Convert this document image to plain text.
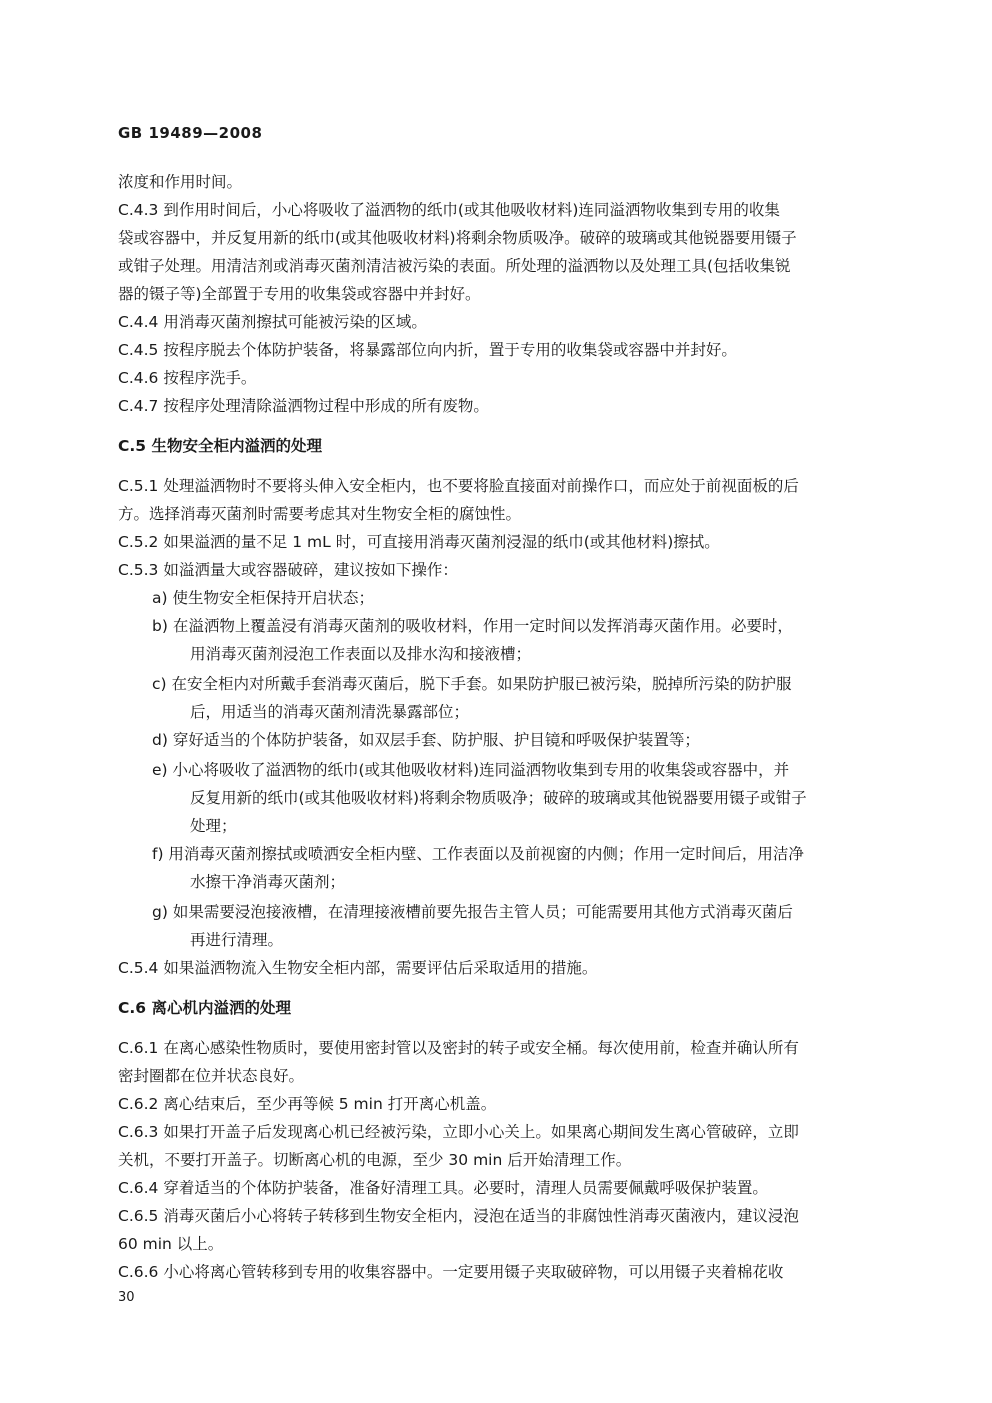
GB 19489—2008
浓度和作用时间。
C.4.3 到作用时间后，小心将吸收了溢洒物的纸巾(或其他吸收材料)连同溢洒物收集到专用的收集
袋或容器中，并反复用新的纸巾(或其他吸收材料)将剩余物质吸净。破碎的玻璃或其他锐器要用镊子
或钳子处理。用清洁剂或消毒灭菌剂清洁被污染的表面。所处理的溢洒物以及处理工具(包括收集锐
器的镊子等)全部置于专用的收集袋或容器中并封好。
C.4.4 用消毒灭菌剂擦拭可能被污染的区域。
C.4.5 按程序脱去个体防护装备，将暴露部位向内折，置于专用的收集袋或容器中并封好。
C.4.6 按程序洗手。
C.4.7 按程序处理清除溢洒物过程中形成的所有废物。
C.5 生物安全柜内溢洒的处理
C.5.1 处理溢洒物时不要将头伸入安全柜内，也不要将脸直接面对前操作口，而应处于前视面板的后
方。选择消毒灭菌剂时需要考虑其对生物安全柜的腐蚀性。
C.5.2 如果溢洒的量不足 1 mL 时，可直接用消毒灭菌剂浸湿的纸巾(或其他材料)擦拭。
C.5.3 如溢洒量大或容器破碎，建议按如下操作：
a) 使生物安全柜保持开启状态；
b) 在溢洒物上覆盖浸有消毒灭菌剂的吸收材料，作用一定时间以发挥消毒灭菌作用。必要时，
用消毒灭菌剂浸泡工作表面以及排水沟和接液槽；
c) 在安全柜内对所戴手套消毒灭菌后，脱下手套。如果防护服已被污染，脱掉所污染的防护服
后，用适当的消毒灭菌剂清洗暴露部位；
d) 穿好适当的个体防护装备，如双层手套、防护服、护目镜和呼吸保护装置等；
e) 小心将吸收了溢洒物的纸巾(或其他吸收材料)连同溢洒物收集到专用的收集袋或容器中，并
反复用新的纸巾(或其他吸收材料)将剩余物质吸净；破碎的玻璃或其他锐器要用镊子或钳子
处理；
f) 用消毒灭菌剂擦拭或喷洒安全柜内壁、工作表面以及前视窗的内侧；作用一定时间后，用洁净
水擦干净消毒灭菌剂；
g) 如果需要浸泡接液槽，在清理接液槽前要先报告主管人员；可能需要用其他方式消毒灭菌后
再进行清理。
C.5.4 如果溢洒物流入生物安全柜内部，需要评估后采取适用的措施。
C.6 离心机内溢洒的处理
C.6.1 在离心感染性物质时，要使用密封管以及密封的转子或安全桶。每次使用前，检查并确认所有
密封圈都在位并状态良好。
C.6.2 离心结束后，至少再等候 5 min 打开离心机盖。
C.6.3 如果打开盖子后发现离心机已经被污染，立即小心关上。如果离心期间发生离心管破碎，立即
关机，不要打开盖子。切断离心机的电源，至少 30 min 后开始清理工作。
C.6.4 穿着适当的个体防护装备，准备好清理工具。必要时，清理人员需要佩戴呼吸保护装置。
C.6.5 消毒灭菌后小心将转子转移到生物安全柜内，浸泡在适当的非腐蚀性消毒灭菌液内，建议浸泡
60 min 以上。
C.6.6 小心将离心管转移到专用的收集容器中。一定要用镊子夹取破碎物，可以用镊子夹着棉花收
30
